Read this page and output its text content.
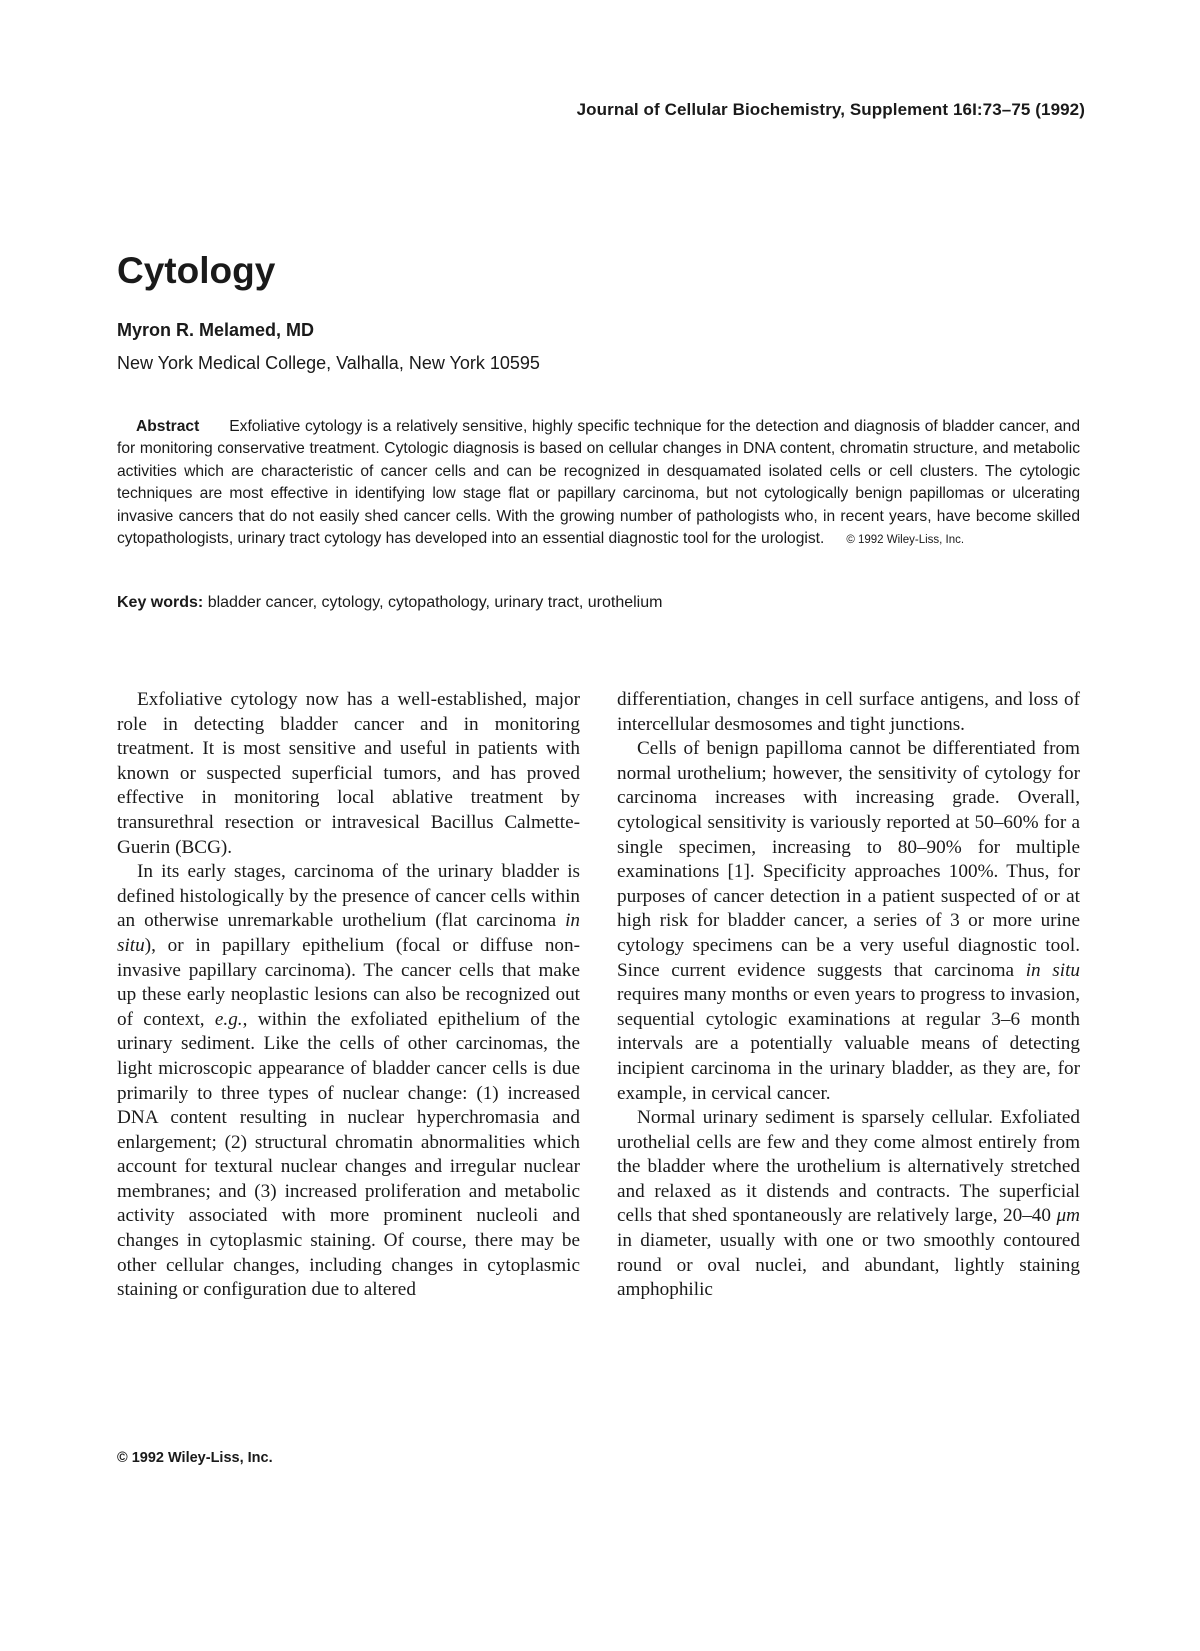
Journal of Cellular Biochemistry, Supplement 16I:73–75 (1992)
Cytology
Myron R. Melamed, MD
New York Medical College, Valhalla, New York 10595

Abstract Exfoliative cytology is a relatively sensitive, highly specific technique for the detection and diagnosis of bladder cancer, and for monitoring conservative treatment. Cytologic diagnosis is based on cellular changes in DNA content, chromatin structure, and metabolic activities which are characteristic of cancer cells and can be recognized in desquamated isolated cells or cell clusters. The cytologic techniques are most effective in identifying low stage flat or papillary carcinoma, but not cytologically benign papillomas or ulcerating invasive cancers that do not easily shed cancer cells. With the growing number of pathologists who, in recent years, have become skilled cytopathologists, urinary tract cytology has developed into an essential diagnostic tool for the urologist. © 1992 Wiley-Liss, Inc.

Key words: bladder cancer, cytology, cytopathology, urinary tract, urothelium

Exfoliative cytology now has a well-established, major role in detecting bladder cancer and in monitoring treatment. It is most sensitive and useful in patients with known or suspected superficial tumors, and has proved effective in monitoring local ablative treatment by transurethral resection or intravesical Bacillus Calmette-Guerin (BCG).

In its early stages, carcinoma of the urinary bladder is defined histologically by the presence of cancer cells within an otherwise unremarkable urothelium (flat carcinoma in situ), or in papillary epithelium (focal or diffuse non-invasive papillary carcinoma). The cancer cells that make up these early neoplastic lesions can also be recognized out of context, e.g., within the exfoliated epithelium of the urinary sediment. Like the cells of other carcinomas, the light microscopic appearance of bladder cancer cells is due primarily to three types of nuclear change: (1) increased DNA content resulting in nuclear hyperchromasia and enlargement; (2) structural chromatin abnormalities which account for textural nuclear changes and irregular nuclear membranes; and (3) increased proliferation and metabolic activity associated with more prominent nucleoli and changes in cytoplasmic staining. Of course, there may be other cellular changes, including changes in cytoplasmic staining or configuration due to altered

differentiation, changes in cell surface antigens, and loss of intercellular desmosomes and tight junctions.

Cells of benign papilloma cannot be differentiated from normal urothelium; however, the sensitivity of cytology for carcinoma increases with increasing grade. Overall, cytological sensitivity is variously reported at 50–60% for a single specimen, increasing to 80–90% for multiple examinations [1]. Specificity approaches 100%. Thus, for purposes of cancer detection in a patient suspected of or at high risk for bladder cancer, a series of 3 or more urine cytology specimens can be a very useful diagnostic tool. Since current evidence suggests that carcinoma in situ requires many months or even years to progress to invasion, sequential cytologic examinations at regular 3–6 month intervals are a potentially valuable means of detecting incipient carcinoma in the urinary bladder, as they are, for example, in cervical cancer.

Normal urinary sediment is sparsely cellular. Exfoliated urothelial cells are few and they come almost entirely from the bladder where the urothelium is alternatively stretched and relaxed as it distends and contracts. The superficial cells that shed spontaneously are relatively large, 20–40 μm in diameter, usually with one or two smoothly contoured round or oval nuclei, and abundant, lightly staining amphophilic

© 1992 Wiley-Liss, Inc.
